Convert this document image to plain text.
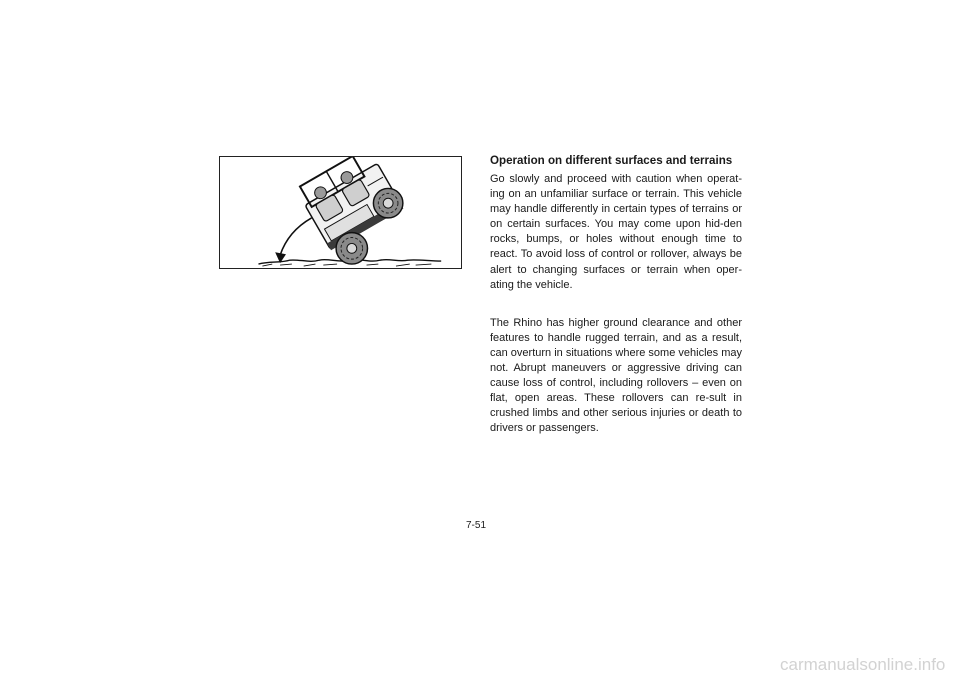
Operation on different surfaces and terrains

Go slowly and proceed with caution when operat-ing on an unfamiliar surface or terrain. This vehicle may handle differently in certain types of terrains or on certain surfaces. You may come upon hid-den rocks, bumps, or holes without enough time to react. To avoid loss of control or rollover, always be alert to changing surfaces or terrain when oper-ating the vehicle.

The Rhino has higher ground clearance and other features to handle rugged terrain, and as a result, can overturn in situations where some vehicles may not. Abrupt maneuvers or aggressive driving can cause loss of control, including rollovers – even on flat, open areas. These rollovers can re-sult in crushed limbs and other serious injuries or death to drivers or passengers.

7-51
carmanualsonline.info
